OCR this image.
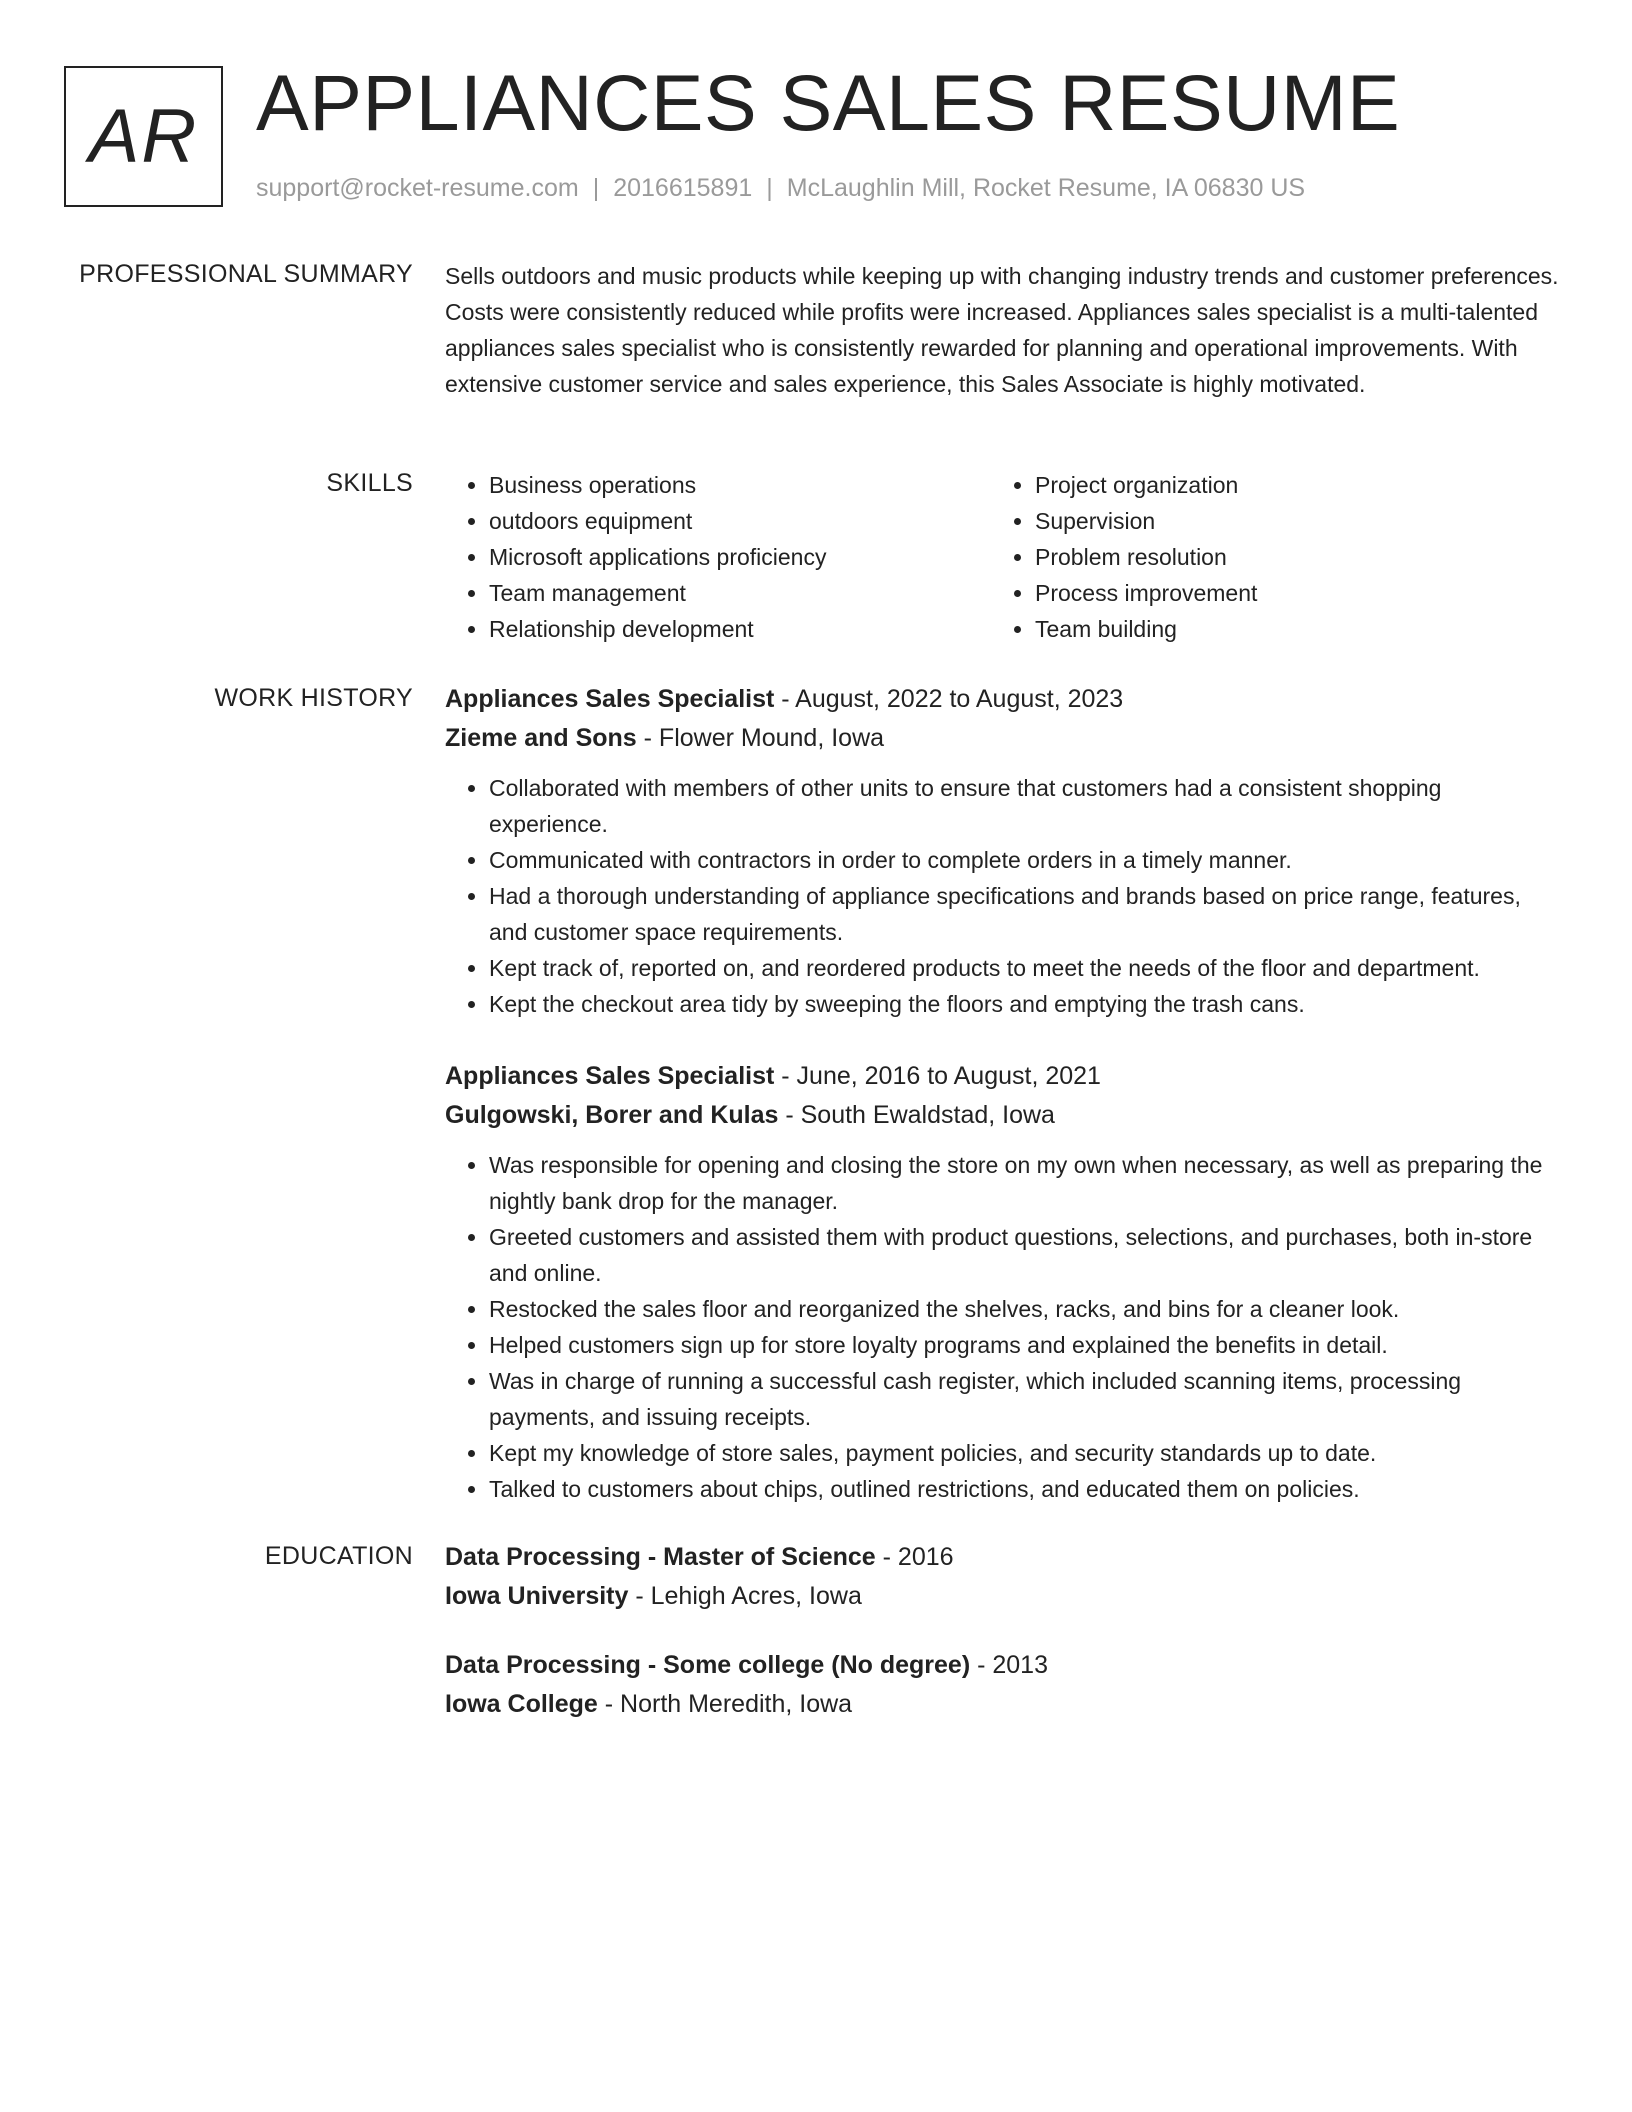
AR APPLIANCES SALES RESUME
support@rocket-resume.com | 2016615891 | McLaughlin Mill, Rocket Resume, IA 06830 US
PROFESSIONAL SUMMARY Sells outdoors and music products while keeping up with changing industry trends and customer preferences. Costs were consistently reduced while profits were increased. Appliances sales specialist is a multi-talented appliances sales specialist who is consistently rewarded for planning and operational improvements. With extensive customer service and sales experience, this Sales Associate is highly motivated.

SKILLS
•	Business operations
• outdoors equipment
• Microsoft applications proficiency
• Team management
• Relationship development
• Project organization
• Supervision
• Problem resolution
• Process improvement
• Team building
WORK HISTORY Appliances Sales Specialist - August, 2022 to August, 2023
Zieme and Sons - Flower Mound, Iowa
• Collaborated with members of other units to ensure that customers had a consistent shopping experience.
• Communicated with contractors in order to complete orders in a timely manner.
• Had a thorough understanding of appliance specifications and brands based on price range, features, and customer space requirements.
• Kept track of, reported on, and reordered products to meet the needs of the floor and department.
• Kept the checkout area tidy by sweeping the floors and emptying the trash cans.
Appliances Sales Specialist - June, 2016 to August, 2021
Gulgowski, Borer and Kulas - South Ewaldstad, Iowa
• Was responsible for opening and closing the store on my own when necessary, as well as preparing the nightly bank drop for the manager.
• Greeted customers and assisted them with product questions, selections, and purchases, both in-store and online.
• Restocked the sales floor and reorganized the shelves, racks, and bins for a cleaner look.
• Helped customers sign up for store loyalty programs and explained the benefits in detail.
• Was in charge of running a successful cash register, which included scanning items, processing payments, and issuing receipts.
• Kept my knowledge of store sales, payment policies, and security standards up to date.
• Talked to customers about chips, outlined restrictions, and educated them on policies.
EDUCATION Data Processing - Master of Science - 2016
Iowa University - Lehigh Acres, Iowa
Data Processing - Some college (No degree) - 2013
Iowa College - North Meredith, Iowa
